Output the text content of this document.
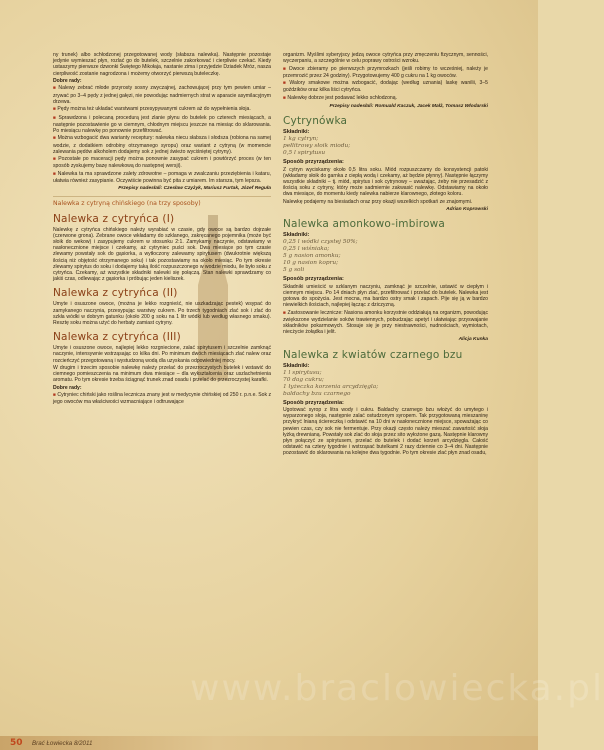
ny trunek) albo schłodzonej przegotowanej wody (słabsza nalewka). Następnie pozostaje jedynie wymieszać płyn, rozlać go do butelek, szczelnie zakorkować i cierpliwie czekać. Kiedy ustaszymy pierwsze dzwonki Świętego Mikołaja, nastanie zima i przyjedzie Dziadek Mróz, nasza cierpliwość zostanie nagrodzona i możemy otworzyć pierwszą buteleczkę.

Dobre rady:

■ Nalewy zebrać młode przyrosty sosny zwyczajnej, zachowującej przy tym pewien umiar – zrywać po 3–4 pędy z jednej gałęzi, nie powodując nadmiernych strat w aparacie asymilacyjnym drzewa.

■ Pędy można też układać warstwami przesypywanymi cukrem aż do wypełnienia słoja.

■ Sprawdzona i polecaną procedurą jest zlanie płynu do butelek po czterech miesiącach, a następnie pozostawienie go w ciemnym, chłodnym miejscu jeszcze na miesiąc do sklarowania. Po miesiącu nalewkę po ponownie przefiltrować.

■ Można wzbogacić dwa warianty receptury: nalewka niecu słabsza i słodsza (robiona na samej wodzie, z dodatkiem odrobiny otrzymanego syropu) oraz wariant z cytryną (w momencie zalewania pędów alkoholem dodajemy sok z jednej świeżo wyciśniętej cytryny).

■ Pozostałe po maceracji pędy można ponownie zasypać cukrem i powtórzyć proces (w ten sposób zyskujemy bazę nalewkową do następnej wersji).

■ Nalewka ta ma sprawdzone zalety zdrowotne – pomaga w zwalczaniu przeziębienia i kataru, ułatwia również zasypianie. Oczywiście powinna być pita z umiarem. Im starsza, tym lepsza.

Przepisy nadesłali: Czesław Czyżyk, Mariusz Furtak, Józef Reguła

Nalewka z cytryną chińskiego (na trzy sposoby)

Nalewka z cytryńca (I)

Nalewkę z cytryńca chińskiego należy wyrabiać w czasie, gdy owoce są bardzo dojrzałe (czerwone grona). Zebrane owoce wkładamy do szklanego, zakręcanego pojemnika (może być słoik do wekow) i zasypujemy cukrem w stosunku 2:1. Zamykamy naczynie, odstawiamy w nasłonecznione miejsce i czekamy, aż cytryniec puści sok. Dwa miesiące po tym czasie zlewamy powstały sok do gąsiorka, a wytłoczony zalewamy spirytusem (dwukrotnie większą ilością niż objętość otrzymanego soku) i tak pozostawiamy na około miesiąc. Po tym okresie zlewamy spirytus do soku i dodajemy taką ilość rozpuszczonego w wodzie miodu, ile było soku z cytryńca. Czekamy, aż wszystkie składniki nalewki się połączą. Stan nalewki sprawdzamy co jakiś czas, odlewając z gąsiorka i próbując jeden kieliszek.

Nalewka z cytryńca (II)

Umyte i osuszone owoce, (można je lekko rozgnieść, nie uszkadzając pestek) wsypać do zamykanego naczynia, przesypując warstwy cukrem. Po trzech tygodniach zlać sok i zlać do szkła wódki w dobrym gatunku (około 200 g soku na 1 litr wódki lub według własnego smaku). Resztę soku można użyć do herbaty zamiast cytryny.

Nalewka z cytryńca (III)

Umyte i osuszone owoce, najlepiej lekko rozgniecione, zalać spirytusem i szczelnie zamknąć naczynie, intensywnie wstrząsając co kilka dni. Po minimum dwóch miesiącach zlać nalew oraz rozcieńczyć przegotowaną i wystudzoną wodą dla uzyskania odpowiedniej mocy.

W drugim i trzecim sposobie nalewkę należy przelać do przezroczystych butelek i wstawić do ciemnego pomieszczenia na minimum dwa miesiące – dla wykształcenia oraz uszlachetnienia aromatu. Po tym okresie trzeba ściągnąć trunek znad osadu i przelać do przezroczystej karafki.

Dobre rady:

■ Cytryniec chiński jako roślina lecznicza znany jest w medycynie chińskiej od 250 r. p.n.e. Sok z jego owoców ma właściwości wzmacniające i odtruwające

organizm. Myślimi syberyjscy jedzą owoce cytryńca przy zmęczeniu fizycznym, senności, wyczerpaniu, a szczególnie w celu poprawy ostrości wzroku.

■ Owoce zbieramy po pierwszych przymrozkach (jeśli robimy to wcześniej, należy je przemrozić przez 24 godziny). Przygotowujemy 400 g cukru na 1 kg owoców.

■ Walory smakowe można wzbogacić, dodając (według uznania) laskę wanilii, 3–5 goździków oraz kilka liści cytryńca.

■ Nalewkę dobrze jest podawać lekko schłodzoną.

Przepisy nadesłali: Romuald Kaczuk, Jacek Małż, Tomasz Włodarski

Cytrynówka

Składniki:

1 kg cytryn;

pełlitrowy słoik miodu;

0,5 l spirytusu

Sposób przyrządzenia:

Z cytryn wyciskamy około 0,5 litra soku. Miód rozpuszczamy do konsystencji patoki (wkładamy słoik do garnka z ciepłą wodą i czekamy, aż będzie płynny). Następnie łączymy wszystkie składniki – tj. miód, spirytus i sok cytrynowy – uważając, żeby nie przesadzić z ilością soku z cytryny, który może sadmiernie zakwasić nalewkę. Odstawiamy na około dwa miesiące, do momentu kiedy nalewka nabierze klarownego, złotego koloru.

Nalewkę podajemy na biesiadach oraz przy okazji wszelkich spotkań ze znajomymi.

Adrian Koprowski

Nalewka amonkowo-imbirowa

Składniki:

0,25 l wódki czystej 50%;

0,25 l wiśniaka;

5 g nasion amonku;

10 g nasion kopru;

5 g soli

Sposób przyrządzenia:

Składniki umieścić w szklanym naczyniu, zamknąć je szczelnie, ustawić w ciepłym i ciemnym miejscu. Po 14 dniach płyn zlać, przefiltrować i przelać do butelek. Nalewka jest gotowa do spożycia. Jest mocna, ma bardzo ostry smak i zapach. Pije się ją w bardzo niewielkich ilościach, najlepiej łącząc z dziczyzną.

■ Zastosowanie lecznicze: Nasiona amonku korzystnie oddziałują na organizm, powodując zwiększone wydzielanie soków trawiennych, pobudzając apetyt i ułatwiając przyswajanie składników pokarmowych. Stosuje się je przy niestrawności, nudnościach, wymiotach, niecżycie żołądka i jelit.

Alicja Kunka

Nalewka z kwiatów czarnego bzu

Składniki:

1 l spirytusu;

70 dag cukru;

1 łyżeczka korzenia arcydzięgla;

baldachy bzu czarnego

Sposób przyrządzenia:

Ugotować syrop z litra wody i cukru. Baldachy czarnego bzu włożyć do umytego i wyparzonego słoja, następnie zalać ostudzonym syropem. Tak przygotowaną mieszaninę przykryć lnianą ściereczką i odstawić na 10 dni w nasłonecznione miejsce, spoważając co pewien czas, czy sok nie fermentuje. Przy okazji często należy mieszać zawartość słoja łyżką drewnianą. Powstały sok zlać do słoja przez sito wyłożone gazą. Następnie klarowny płyn połączyć ze spirytusem, przelać do butelek i dodać korzeń arcydzięgla. Całość odstawić na cztery tygodnie i wstrząsać butelkami 2 razy dziennie co 3–4 dni. Następnie pozostawić do sklarowania na kolejne dwa tygodnie. Po tym okresie zlać płyn znad osadu,

www.braclowiecka.pl
50 Brać Łowiecka 8/2011
